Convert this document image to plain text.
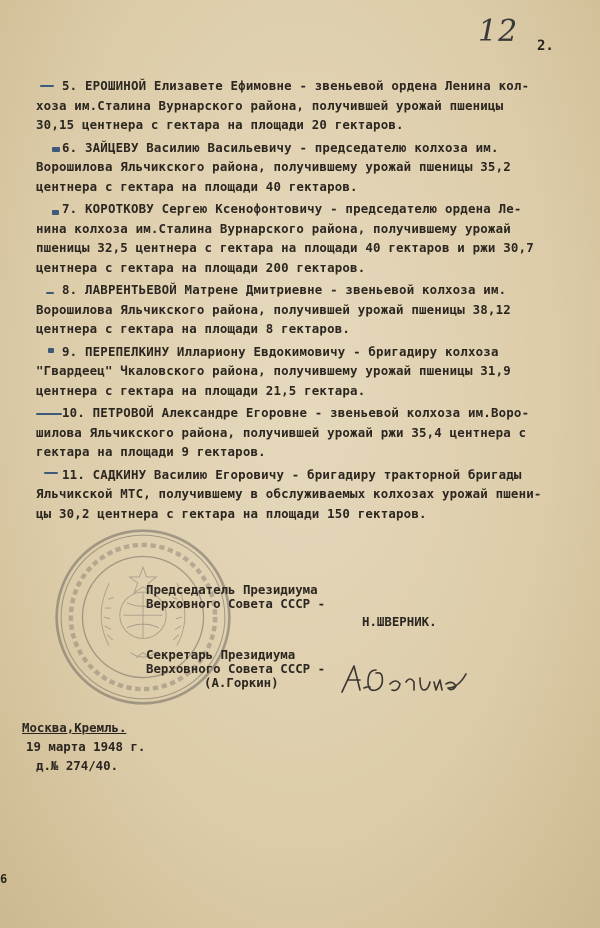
12 2.
5. ЕРОШИНОЙ Елизавете Ефимовне - звеньевой ордена Ленина кол-
хоза им.Сталина Вурнарского района, получившей урожай пшеницы
30,15 центнера с гектара на площади 20 гектаров.
6. ЗАЙЦЕВУ Василию Васильевичу - председателю колхоза им.
Ворошилова Яльчикского района, получившему урожай пшеницы 35,2
центнера с гектара на площади 40 гектаров.
7. КОРОТКОВУ Сергею Ксенофонтовичу - председателю ордена Ле-
нина колхоза им.Сталина Вурнарского района, получившему урожай
пшеницы 32,5 центнера с гектара на площади 40 гектаров и ржи 30,7
центнера с гектара на площади 200 гектаров.
8. ЛАВРЕНТЬЕВОЙ Матрене Дмитриевне - звеньевой колхоза им.
Ворошилова Яльчикского района, получившей урожай пшеницы 38,12
центнера с гектара на площади 8 гектаров.
9. ПЕРЕПЕЛКИНУ Иллариону Евдокимовичу - бригадиру колхоза
"Гвардеец" Чкаловского района, получившему урожай пшеницы 31,9
центнера с гектара на площади 21,5 гектара.
10. ПЕТРОВОЙ Александре Егоровне - звеньевой колхоза им.Воро-
шилова Яльчикского района, получившей урожай ржи 35,4 центнера с
гектара на площади 9 гектаров.
11. САДКИНУ Василию Егоровичу - бригадиру тракторной бригады
Яльчикской МТС, получившему в обслуживаемых колхозах урожай пшени-
цы 30,2 центнера с гектара на площади 150 гектаров.
Председатель Президиума
Верховного Совета СССР -
Н.ШВЕРНИК.
Секретарь Президиума
Верховного Совета СССР -
(А.Горкин)
Москва,Кремль.
19 марта 1948 г.
д.№ 274/40.
6
